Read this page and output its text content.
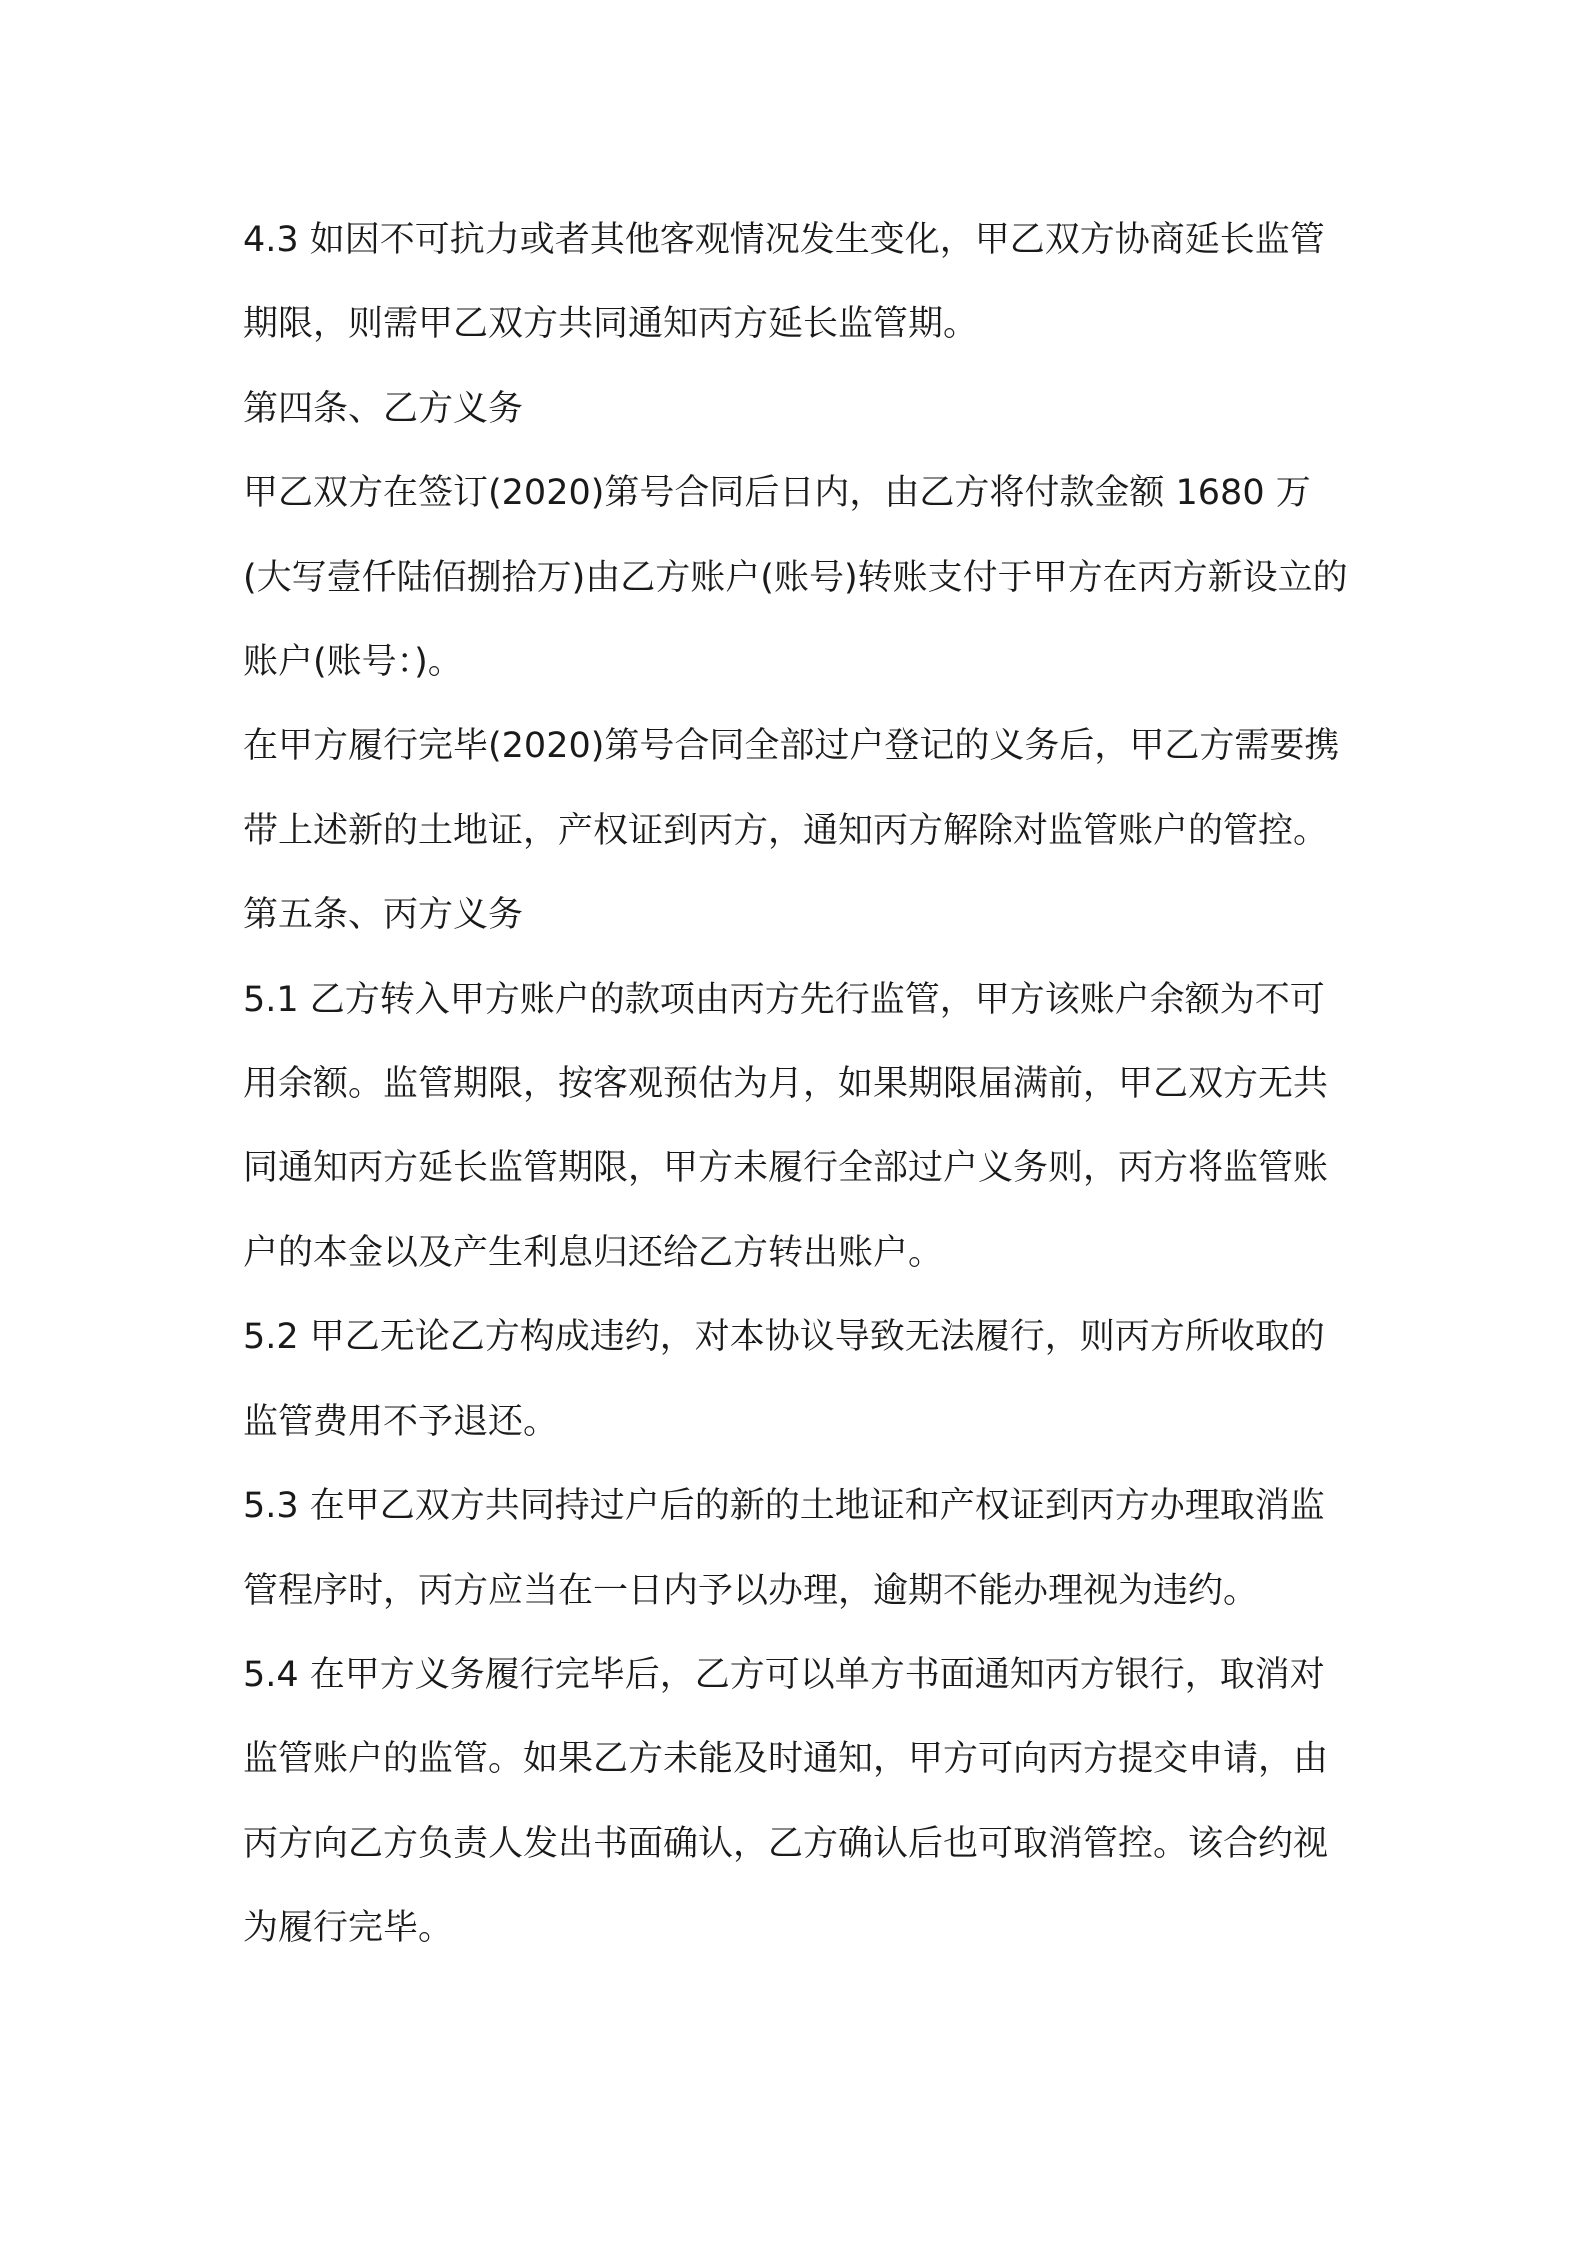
4.3 如因不可抗力或者其他客观情况发生变化，甲乙双方协商延长监管期限，则需甲乙双方共同通知丙方延长监管期。

第四条、乙方义务

甲乙双方在签订(2020)第号合同后日内，由乙方将付款金额 1680 万(大写壹仟陆佰捌拾万)由乙方账户(账号)转账支付于甲方在丙方新设立的账户(账号：)。

在甲方履行完毕(2020)第号合同全部过户登记的义务后，甲乙方需要携带上述新的土地证，产权证到丙方，通知丙方解除对监管账户的管控。

第五条、丙方义务

5.1 乙方转入甲方账户的款项由丙方先行监管，甲方该账户余额为不可用余额。监管期限，按客观预估为月，如果期限届满前，甲乙双方无共同通知丙方延长监管期限，甲方未履行全部过户义务则，丙方将监管账户的本金以及产生利息归还给乙方转出账户。

5.2 甲乙无论乙方构成违约，对本协议导致无法履行，则丙方所收取的监管费用不予退还。

5.3 在甲乙双方共同持过户后的新的土地证和产权证到丙方办理取消监管程序时，丙方应当在一日内予以办理，逾期不能办理视为违约。

5.4 在甲方义务履行完毕后，乙方可以单方书面通知丙方银行，取消对监管账户的监管。如果乙方未能及时通知，甲方可向丙方提交申请，由丙方向乙方负责人发出书面确认，乙方确认后也可取消管控。该合约视为履行完毕。
